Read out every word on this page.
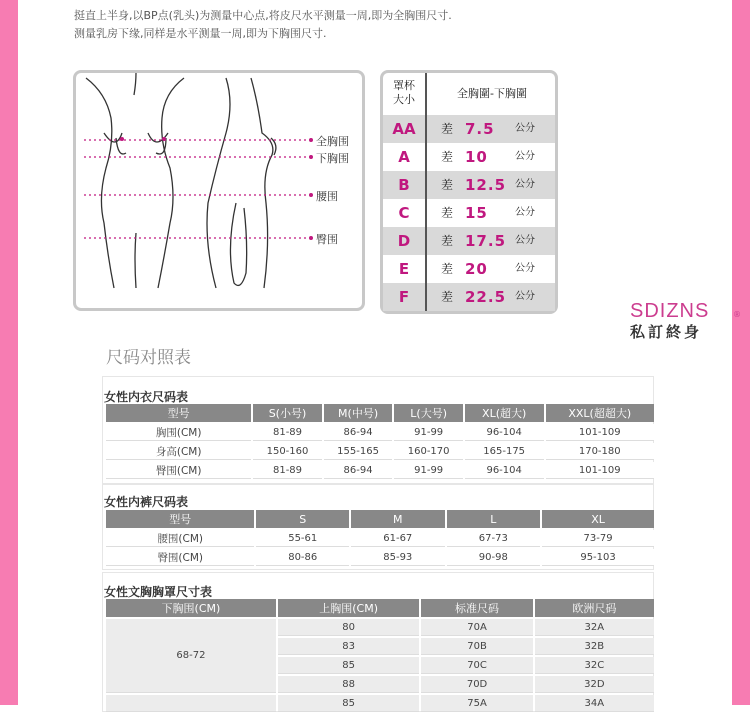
挺直上半身,以BP点(乳头)为测量中心点,将皮尺水平测量一周,即为全胸围尺寸.
测量乳房下缘,同样是水平测量一周,即为下胸围尺寸.
全胸围
下胸围
腰围
臀围
罩杯
大小	全胸圍-下胸圍
AA	差 7.5 公分
A	差 10	公分
B	差 12.5 公分
C	差 15	公分
D	差 17.5 公分
E	差 20	公分
F	差 22.5 公分
SDIZNS	®
私訂終身
尺码对照表
女性内衣尺码表
型号	S(小号)	M(中号)	L(大号)	XL(超大)	XXL(超超大)
胸围(CM)	81-89	86-94	91-99	96-104	101-109
身高(CM)	150-160	155-165	160-170	165-175	170-180
臀围(CM)	81-89	86-94	91-99	96-104	101-109
女性内裤尺码表
型号	S	M	L	XL
腰围(CM)	55-61	61-67	67-73	73-79
臀围(CM)	80-86	85-93	90-98	95-103
女性文胸胸罩尺寸表
下胸围(CM)	上胸围(CM)	标准尺码	欧洲尺码
68-72	80	70A	32A
	83	70B	32B
	85	70C	32C
	88	70D	32D
	85	75A	34A
